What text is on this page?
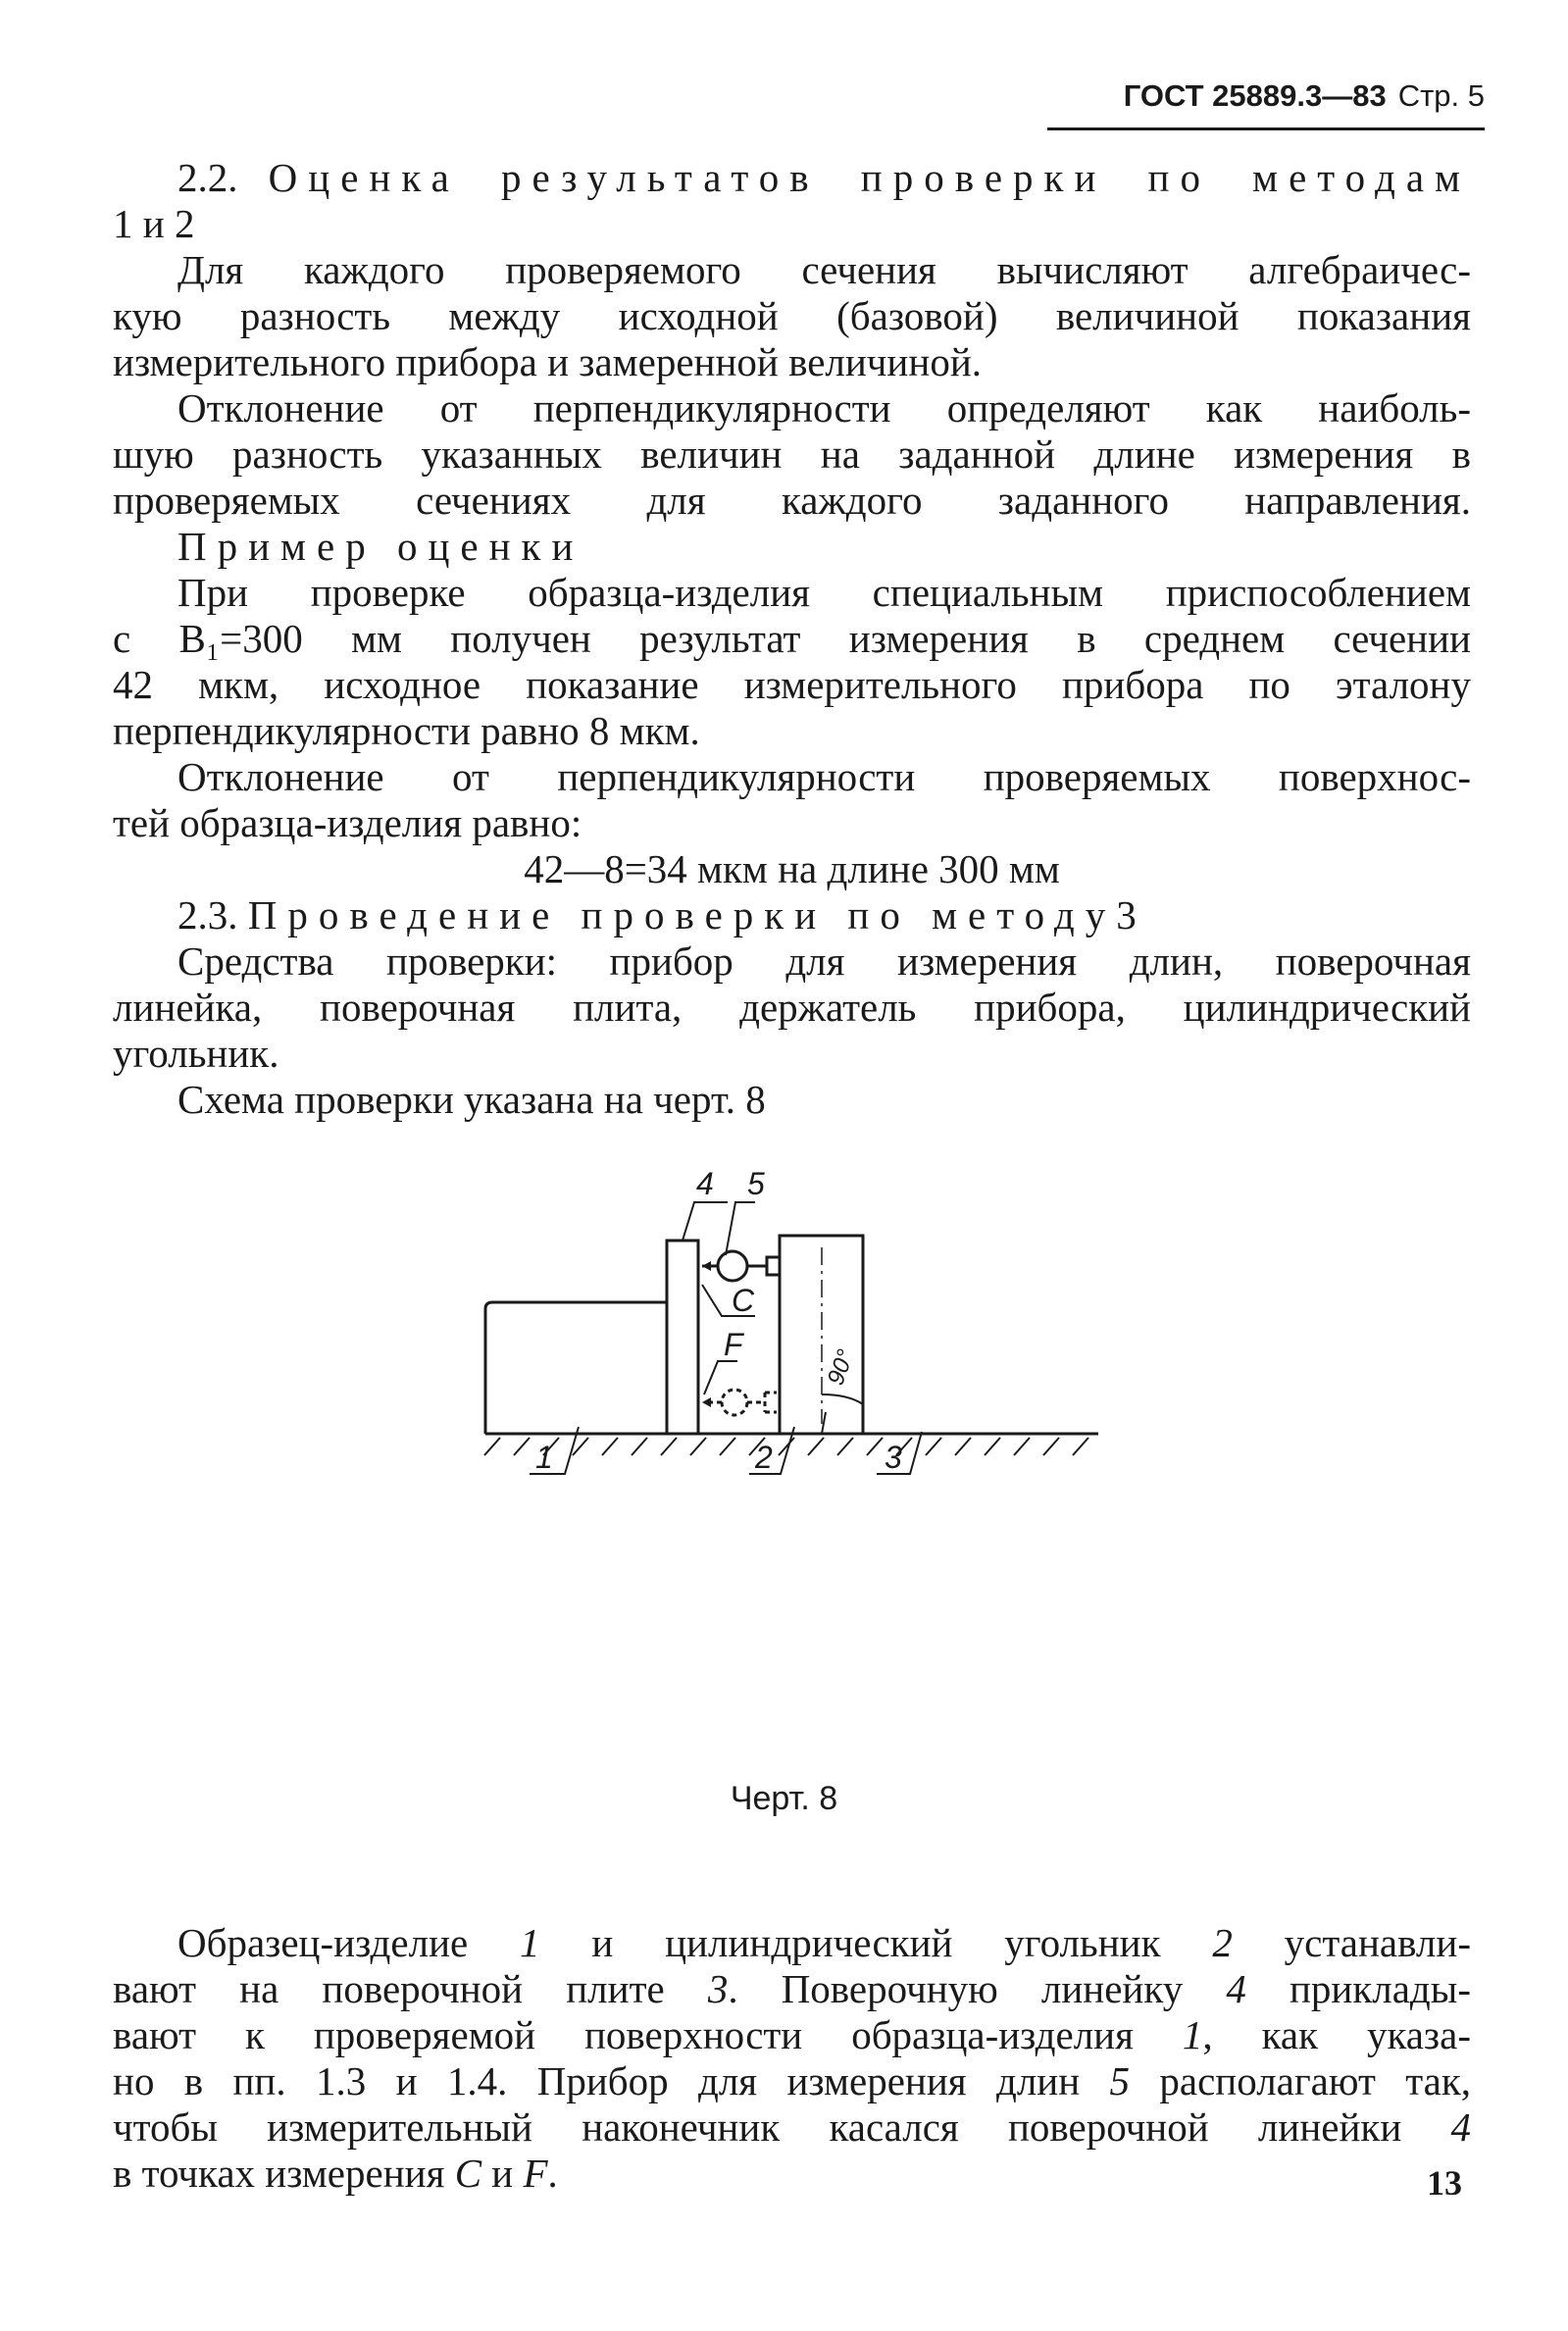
ГОСТ 25889.3—83 Стр. 5
2.2. Оценка результатов проверки по методам
1 и 2
Для каждого проверяемого сечения вычисляют алгебраичес-
кую разность между исходной (базовой) величиной показания
измерительного прибора и замеренной величиной.
Отклонение от перпендикулярности определяют как наиболь-
шую разность указанных величин на заданной длине измерения в
проверяемых сечениях для каждого заданного направления.
Пример оценки
При проверке образца-изделия специальным приспособлением
с В₁=300 мм получен результат измерения в среднем сечении
42 мкм, исходное показание измерительного прибора по эталону
перпендикулярности равно 8 мкм.
Отклонение от перпендикулярности проверяемых поверхнос-
тей образца-изделия равно:
42—8=34 мкм на длине 300 мм
2.3. Проведение проверки по методу3
Средства проверки: прибор для измерения длин, поверочная
линейка, поверочная плита, держатель прибора, цилиндрический
угольник.
Схема проверки указана на черт. 8
4 5
C
F
1	2	3
90°
Черт. 8
Образец-изделие 1 и цилиндрический угольник 2 устанавли-
вают на поверочной плите 3. Поверочную линейку 4 приклады-
вают к проверяемой поверхности образца-изделия 1, как указа-
но в пп. 1.3 и 1.4. Прибор для измерения длин 5 располагают так,
чтобы измерительный наконечник касался поверочной линейки 4
в точках измерения C и F.	13
